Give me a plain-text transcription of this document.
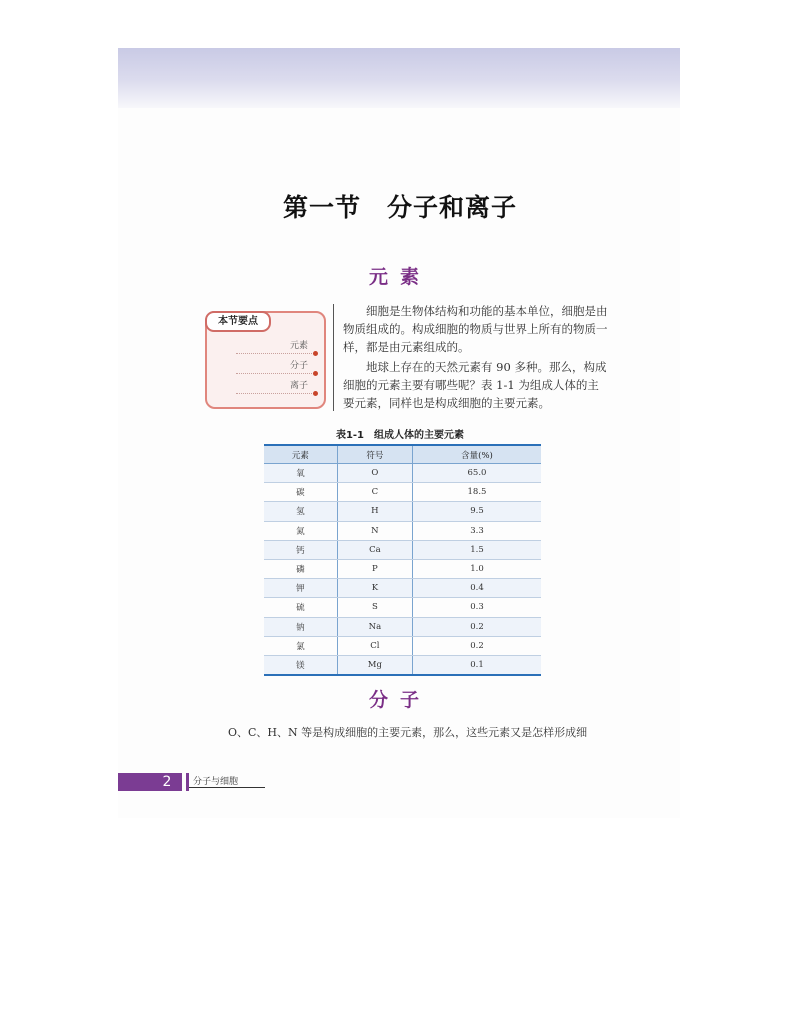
第一节　分子和离子
元素
本节要点
元素
分子
离子

细胞是生物体结构和功能的基本单位，细胞是由物质组成的。构成细胞的物质与世界上所有的物质一样，都是由元素组成的。

地球上存在的天然元素有 90 多种。那么，构成细胞的元素主要有哪些呢？表 1-1 为组成人体的主要元素，同样也是构成细胞的主要元素。

表1-1　组成人体的主要元素
元素	符号	含量(%)
氧	O	65.0
碳	C	18.5
氢	H	9.5
氮	N	3.3
钙	Ca	1.5
磷	P	1.0
钾	K	0.4
硫	S	0.3
钠	Na	0.2
氯	Cl	0.2
镁	Mg	0.1
分子
O、C、H、N 等是构成细胞的主要元素，那么，这些元素又是怎样形成细
2	分子与细胞
